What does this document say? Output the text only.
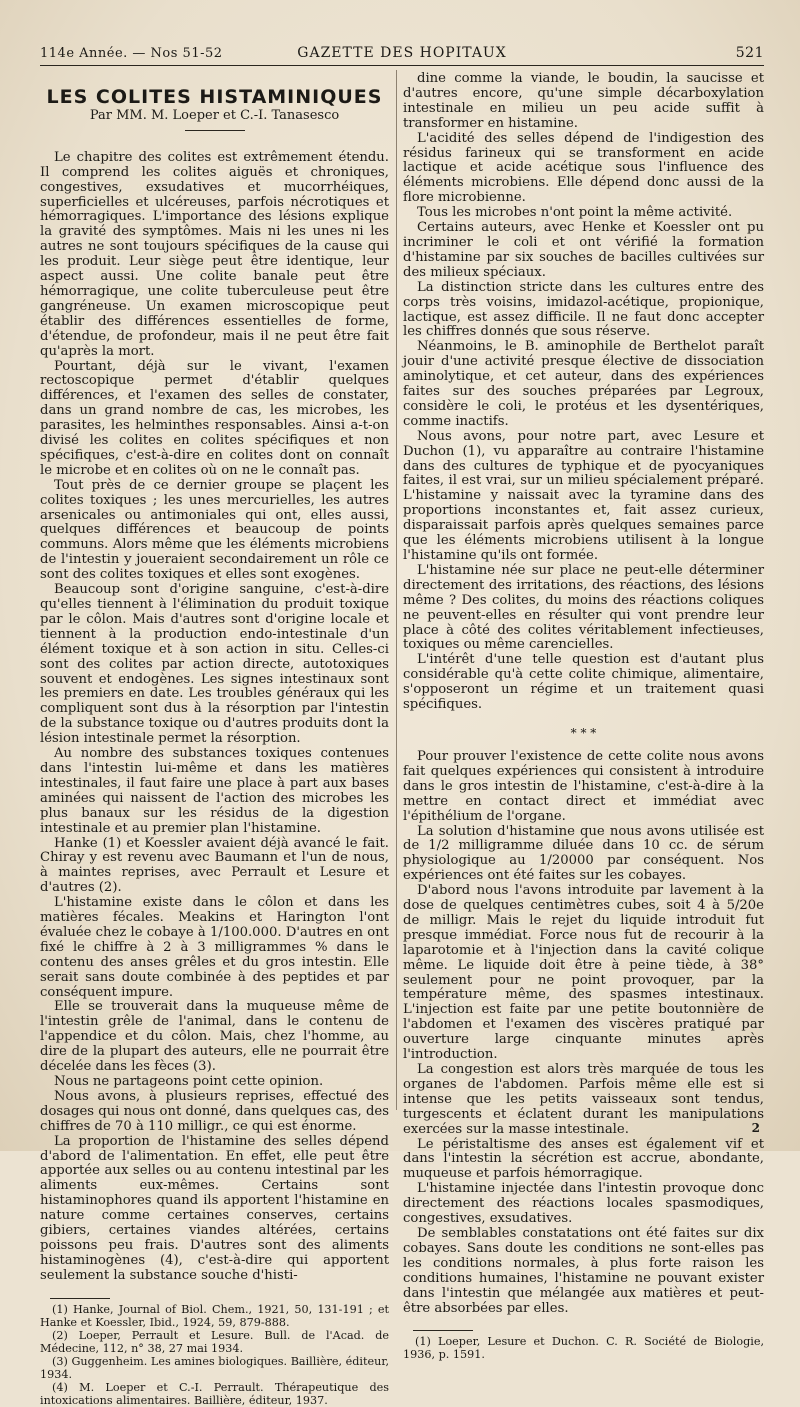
114e Année. — Nos 51-52	GAZETTE DES HOPITAUX	521
LES COLITES HISTAMINIQUES
Par MM. M. Loeper et C.-I. Tanasesco

Le chapitre des colites est extrêmement étendu. Il comprend les colites aiguës et chroniques, congestives, exsudatives et mucorrhéiques, superficielles et ulcéreuses, parfois nécrotiques et hémorragiques. L'importance des lésions explique la gravité des symptômes. Mais ni les unes ni les autres ne sont toujours spécifiques de la cause qui les produit. Leur siège peut être identique, leur aspect aussi. Une colite banale peut être hémorragique, une colite tuberculeuse peut être gangréneuse. Un examen microscopique peut établir des différences essentielles de forme, d'étendue, de profondeur, mais il ne peut être fait qu'après la mort.

Pourtant, déjà sur le vivant, l'examen rectoscopique permet d'établir quelques différences, et l'examen des selles de constater, dans un grand nombre de cas, les microbes, les parasites, les helminthes responsables. Ainsi a-t-on divisé les colites en colites spécifiques et non spécifiques, c'est-à-dire en colites dont on connaît le microbe et en colites où on ne le connaît pas.

Tout près de ce dernier groupe se plaçent les colites toxiques ; les unes mercurielles, les autres arsenicales ou antimoniales qui ont, elles aussi, quelques différences et beaucoup de points communs. Alors même que les éléments microbiens de l'intestin y joueraient secondairement un rôle ce sont des colites toxiques et elles sont exogènes.

Beaucoup sont d'origine sanguine, c'est-à-dire qu'elles tiennent à l'élimination du produit toxique par le côlon. Mais d'autres sont d'origine locale et tiennent à la production endo-intestinale d'un élément toxique et à son action in situ. Celles-ci sont des colites par action directe, autotoxiques souvent et endogènes. Les signes intestinaux sont les premiers en date. Les troubles généraux qui les compliquent sont dus à la résorption par l'intestin de la substance toxique ou d'autres produits dont la lésion intestinale permet la résorption.

Au nombre des substances toxiques contenues dans l'intestin lui-même et dans les matières intestinales, il faut faire une place à part aux bases aminées qui naissent de l'action des microbes les plus banaux sur les résidus de la digestion intestinale et au premier plan l'histamine.

Hanke (1) et Koessler avaient déjà avancé le fait. Chiray y est revenu avec Baumann et l'un de nous, à maintes reprises, avec Perrault et Lesure et d'autres (2).

L'histamine existe dans le côlon et dans les matières fécales. Meakins et Harington l'ont évaluée chez le cobaye à 1/100.000. D'autres en ont fixé le chiffre à 2 à 3 milligrammes % dans le contenu des anses grêles et du gros intestin. Elle serait sans doute combinée à des peptides et par conséquent impure.

Elle se trouverait dans la muqueuse même de l'intestin grêle de l'animal, dans le contenu de l'appendice et du côlon. Mais, chez l'homme, au dire de la plupart des auteurs, elle ne pourrait être décelée dans les fèces (3).

Nous ne partageons point cette opinion.

Nous avons, à plusieurs reprises, effectué des dosages qui nous ont donné, dans quelques cas, des chiffres de 70 à 110 milligr., ce qui est énorme.

La proportion de l'histamine des selles dépend d'abord de l'alimentation. En effet, elle peut être apportée aux selles ou au contenu intestinal par les aliments eux-mêmes. Certains sont histaminophores quand ils apportent l'histamine en nature comme certaines conserves, certains gibiers, certaines viandes altérées, certains poissons peu frais. D'autres sont des aliments histaminogènes (4), c'est-à-dire qui apportent seulement la substance souche d'histi-

(1) Hanke, Journal of Biol. Chem., 1921, 50, 131-191 ; et Hanke et Koessler, Ibid., 1924, 59, 879-888.

(2) Loeper, Perrault et Lesure. Bull. de l'Acad. de Médecine, 112, n° 38, 27 mai 1934.

(3) Guggenheim. Les amines biologiques. Baillière, éditeur, 1934.

(4) M. Loeper et C.-I. Perrault. Thérapeutique des intoxications alimentaires. Baillière, éditeur, 1937.

dine comme la viande, le boudin, la saucisse et d'autres encore, qu'une simple décarboxylation intestinale en milieu un peu acide suffit à transformer en histamine.

L'acidité des selles dépend de l'indigestion des résidus farineux qui se transforment en acide lactique et acide acétique sous l'influence des éléments microbiens. Elle dépend donc aussi de la flore microbienne.

Tous les microbes n'ont point la même activité.

Certains auteurs, avec Henke et Koessler ont pu incriminer le coli et ont vérifié la formation d'histamine par six souches de bacilles cultivées sur des milieux spéciaux.

La distinction stricte dans les cultures entre des corps très voisins, imidazol-acétique, propionique, lactique, est assez difficile. Il ne faut donc accepter les chiffres donnés que sous réserve.

Néanmoins, le B. aminophile de Berthelot paraît jouir d'une activité presque élective de dissociation aminolytique, et cet auteur, dans des expériences faites sur des souches préparées par Legroux, considère le coli, le protéus et les dysentériques, comme inactifs.

Nous avons, pour notre part, avec Lesure et Duchon (1), vu apparaître au contraire l'histamine dans des cultures de typhique et de pyocyaniques faites, il est vrai, sur un milieu spécialement préparé. L'histamine y naissait avec la tyramine dans des proportions inconstantes et, fait assez curieux, disparaissait parfois après quelques semaines parce que les éléments microbiens utilisent à la longue l'histamine qu'ils ont formée.

L'histamine née sur place ne peut-elle déterminer directement des irritations, des réactions, des lésions même ? Des colites, du moins des réactions coliques ne peuvent-elles en résulter qui vont prendre leur place à côté des colites véritablement infectieuses, toxiques ou même carencielles.

L'intérêt d'une telle question est d'autant plus considérable qu'à cette colite chimique, alimentaire, s'opposeront un régime et un traitement quasi spécifiques.

* * *

Pour prouver l'existence de cette colite nous avons fait quelques expériences qui consistent à introduire dans le gros intestin de l'histamine, c'est-à-dire à la mettre en contact direct et immédiat avec l'épithélium de l'organe.

La solution d'histamine que nous avons utilisée est de 1/2 milligramme diluée dans 10 cc. de sérum physiologique au 1/20000 par conséquent. Nos expériences ont été faites sur les cobayes.

D'abord nous l'avons introduite par lavement à la dose de quelques centimètres cubes, soit 4 à 5/20e de milligr. Mais le rejet du liquide introduit fut presque immédiat. Force nous fut de recourir à la laparotomie et à l'injection dans la cavité colique même. Le liquide doit être à peine tiède, à 38° seulement pour ne point provoquer, par la température même, des spasmes intestinaux. L'injection est faite par une petite boutonnière de l'abdomen et l'examen des viscères pratiqué par ouverture large cinquante minutes après l'introduction.

La congestion est alors très marquée de tous les organes de l'abdomen. Parfois même elle est si intense que les petits vaisseaux sont tendus, turgescents et éclatent durant les manipulations exercées sur la masse intestinale.

Le péristaltisme des anses est également vif et dans l'intestin la sécrétion est accrue, abondante, muqueuse et parfois hémorragique.

L'histamine injectée dans l'intestin provoque donc directement des réactions locales spasmodiques, congestives, exsudatives.

De semblables constatations ont été faites sur dix cobayes. Sans doute les conditions ne sont-elles pas les conditions normales, à plus forte raison les conditions humaines, l'histamine ne pouvant exister dans l'intestin que mélangée aux matières et peut-être absorbées par elles.

(1) Loeper, Lesure et Duchon. C. R. Société de Biologie, 1936, p. 1591.

2
